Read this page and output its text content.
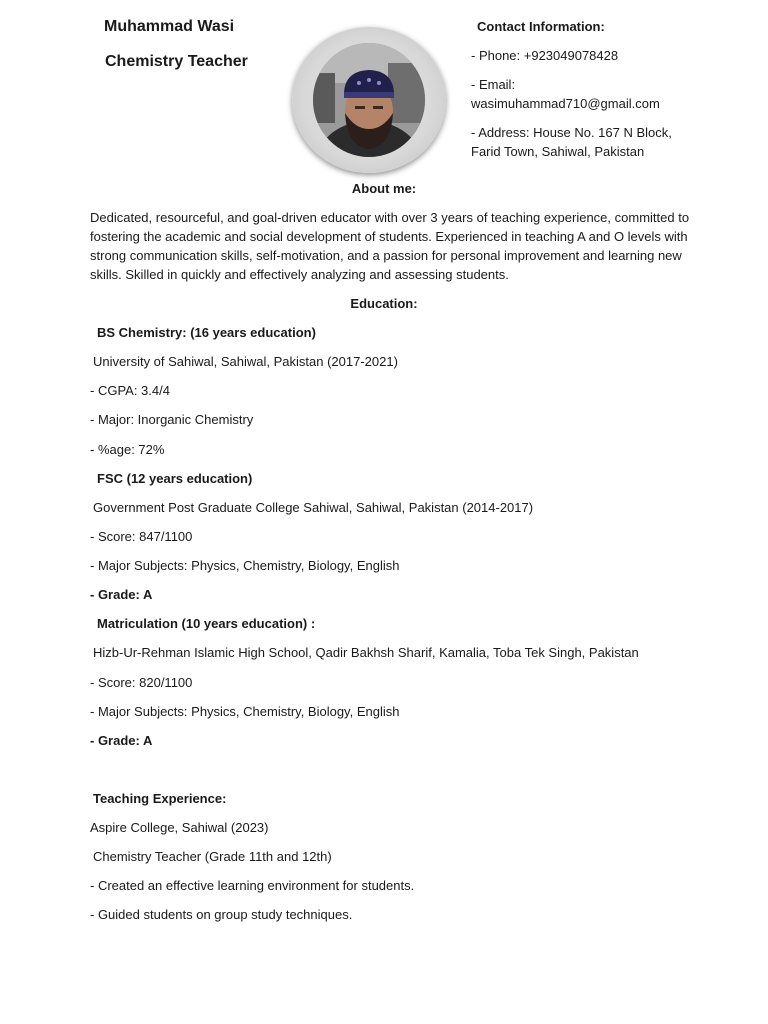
Muhammad Wasi
Chemistry Teacher
Contact Information:
- Phone: +923049078428
- Email:
wasimuhammad710@gmail.com
- Address: House No. 167 N Block,
Farid Town, Sahiwal, Pakistan
About me:
Dedicated, resourceful, and goal-driven educator with over 3 years of teaching experience, committed to fostering the academic and social development of students. Experienced in teaching A and O levels with strong communication skills, self-motivation, and a passion for personal improvement and learning new skills. Skilled in quickly and effectively analyzing and assessing students.
Education:
BS Chemistry: (16 years education)
University of Sahiwal, Sahiwal, Pakistan (2017-2021)
- CGPA: 3.4/4
- Major: Inorganic Chemistry
- %age: 72%
FSC (12 years education)
Government Post Graduate College Sahiwal, Sahiwal, Pakistan (2014-2017)
- Score: 847/1100
- Major Subjects: Physics, Chemistry, Biology, English
- Grade: A
Matriculation (10 years education) :
Hizb-Ur-Rehman Islamic High School, Qadir Bakhsh Sharif, Kamalia, Toba Tek Singh, Pakistan
- Score: 820/1100
- Major Subjects: Physics, Chemistry, Biology, English
- Grade: A
Teaching Experience:
Aspire College, Sahiwal (2023)
Chemistry Teacher (Grade 11th and 12th)
- Created an effective learning environment for students.
- Guided students on group study techniques.
